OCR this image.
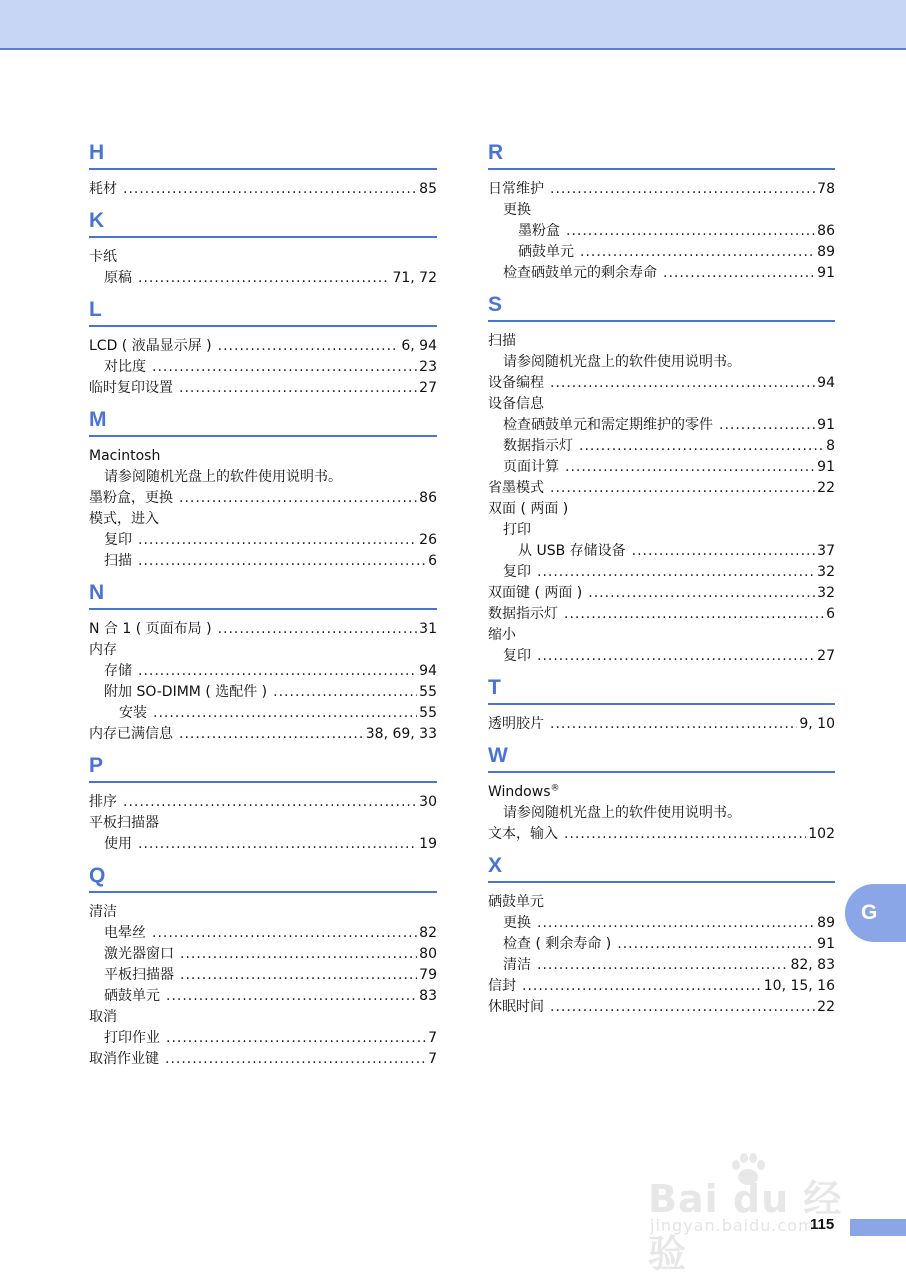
H
耗材 .....	85
K
卡纸
原稿 .....	71, 72
L
LCD ( 液晶显示屏 ) .....	6, 94
对比度 .....	23
临时复印设置 .....	27
M
Macintosh
请参阅随机光盘上的软件使用说明书。
墨粉盒，更换 .....	86
模式，进入
复印 .....	26
扫描 .....	6
N
N 合 1 ( 页面布局 ) .....	31
内存
存储 .....	94
附加 SO-DIMM ( 选配件 ) .....	55
安装 .....	55
内存已满信息 .....	38, 69, 33
P
排序 .....	30
平板扫描器
使用 .....	19
Q
清洁
电晕丝 .....	82
激光器窗口 .....	80
平板扫描器 .....	79
硒鼓单元 .....	83
取消
打印作业 .....	7
取消作业键 .....	7
R
日常维护 .....	78
更换
墨粉盒 .....	86
硒鼓单元 .....	89
检查硒鼓单元的剩余寿命 .....	91
S
扫描
请参阅随机光盘上的软件使用说明书。
设备编程 .....	94
设备信息
检查硒鼓单元和需定期维护的零件 .....	91
数据指示灯 .....	8
页面计算 .....	91
省墨模式 .....	22
双面 ( 两面 )
打印
从 USB 存储设备 .....	37
复印 .....	32
双面键 ( 两面 ) .....	32
数据指示灯 .....	6
缩小
复印 .....	27
T
透明胶片 .....	9, 10
W
Windows®
请参阅随机光盘上的软件使用说明书。
文本，输入 .....	102
X
硒鼓单元
更换 .....	89
检查 ( 剩余寿命 ) .....	91
清洁 .....	82, 83
信封 .....	10, 15, 16
休眠时间 .....	22
G
Bai du 经验
jingyan.baidu.com
115
